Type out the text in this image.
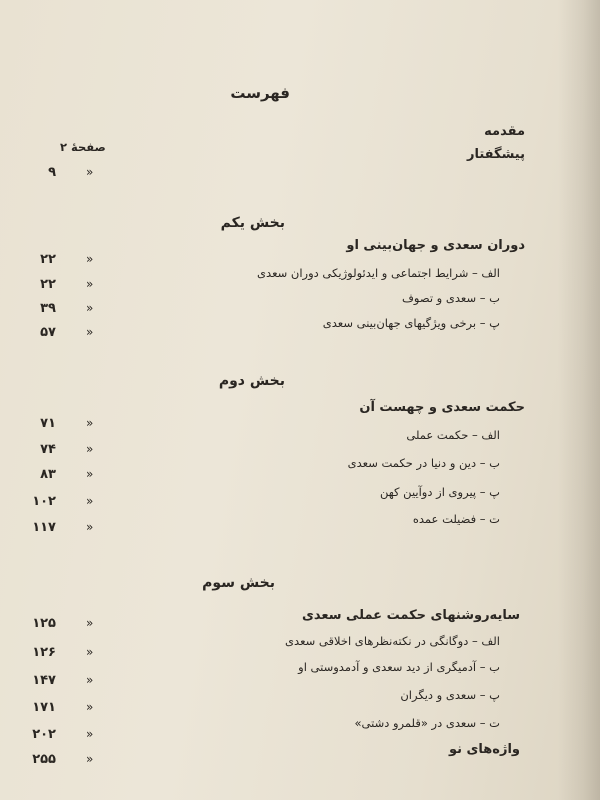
فهرست
مقدمه
پیشگفتار
صفحهٔ ۲
«
۹
بخش یکم
دوران سعدی و جهان‌بینی او
الف – شرایط اجتماعی و ایدئولوژیکی دوران سعدی
ب – سعدی و تصوف
پ – برخی ویژگیهای جهان‌بینی سعدی
«
۲۲
«
۲۲
«
۳۹
«
۵۷
بخش دوم
حکمت سعدی و چهست آن
الف – حکمت عملی
ب – دین و دنیا در حکمت سعدی
پ – پیروی از دوآیین کهن
ت – فضیلت عمده
«
۷۱
«
۷۴
«
۸۳
«
۱۰۲
«
۱۱۷
بخش سوم
سایه‌روشنهای حکمت عملی سعدی
الف – دوگانگی در نکته‌نظرهای اخلاقی سعدی
ب – آدمیگری از دید سعدی و آدمدوستی او
پ – سعدی و دیگران
ت – سعدی در «قلمرو دشتی»
واژه‌های نو
«
۱۲۵
«
۱۲۶
«
۱۴۷
«
۱۷۱
«
۲۰۲
«
۲۵۵
